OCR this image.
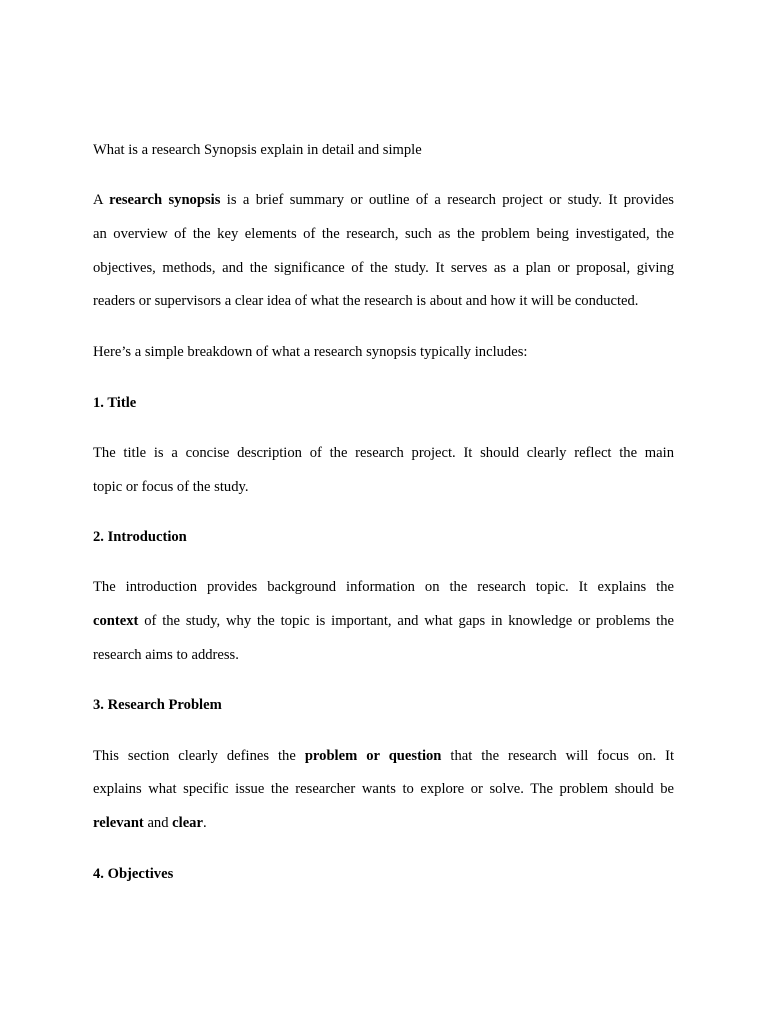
What is a research Synopsis explain in detail and simple
A research synopsis is a brief summary or outline of a research project or study. It provides
an overview of the key elements of the research, such as the problem being investigated, the
objectives, methods, and the significance of the study. It serves as a plan or proposal, giving
readers or supervisors a clear idea of what the research is about and how it will be conducted.
Here’s a simple breakdown of what a research synopsis typically includes:
1. Title
The title is a concise description of the research project. It should clearly reflect the main
topic or focus of the study.
2. Introduction
The introduction provides background information on the research topic. It explains the
context of the study, why the topic is important, and what gaps in knowledge or problems the
research aims to address.
3. Research Problem
This section clearly defines the problem or question that the research will focus on. It
explains what specific issue the researcher wants to explore or solve. The problem should be
relevant and clear.
4. Objectives
